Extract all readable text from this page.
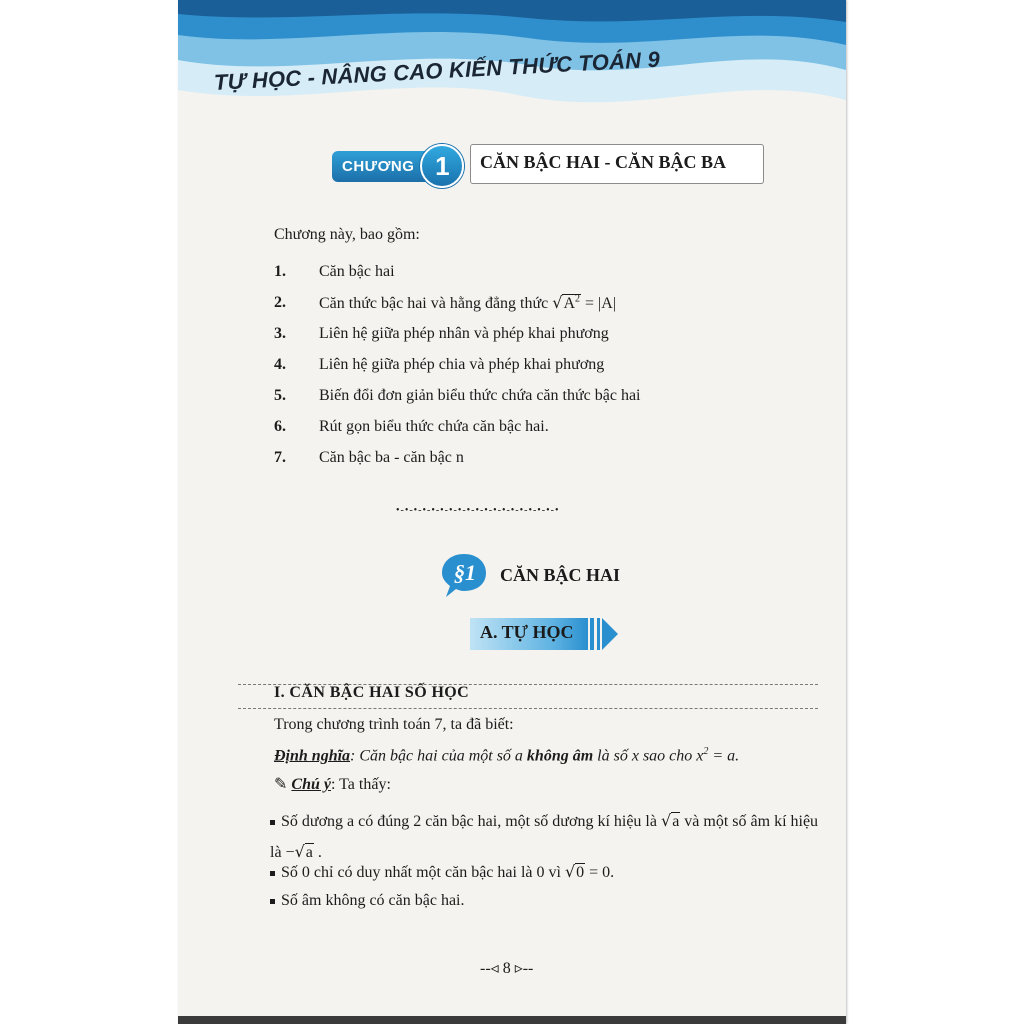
TỰ HỌC - NÂNG CAO KIẾN THỨC TOÁN 9
CHƯƠNG 1	CĂN BẬC HAI - CĂN BẬC BA
Chương này, bao gồm:
1.	Căn bậc hai
2.	Căn thức bậc hai và hằng đẳng thức $√A^2 = |A|$
3.	Liên hệ giữa phép nhân và phép khai phương
4.	Liên hệ giữa phép chia và phép khai phương
5.	Biến đổi đơn giản biểu thức chứa căn thức bậc hai
6.	Rút gọn biểu thức chứa căn bậc hai.
7.	Căn bậc ba - căn bậc n
•-•-•-•-•-•-•-•-•-•-•-•-•-•-•-•-•-•-•
§1	CĂN BẬC HAI
A. TỰ HỌC
I. CĂN BẬC HAI SỐ HỌC
Trong chương trình toán 7, ta đã biết:
Định nghĩa: Căn bậc hai của một số a không âm là số x sao cho $x^2 = a$.
✎ Chú ý: Ta thấy:
Số dương a có đúng 2 căn bậc hai, một số dương kí hiệu là √a và một số âm kí hiệu là −√a .
Số 0 chỉ có duy nhất một căn bậc hai là 0 vì √0 = 0.
Số âm không có căn bậc hai.
--◃ 8 ▹--
